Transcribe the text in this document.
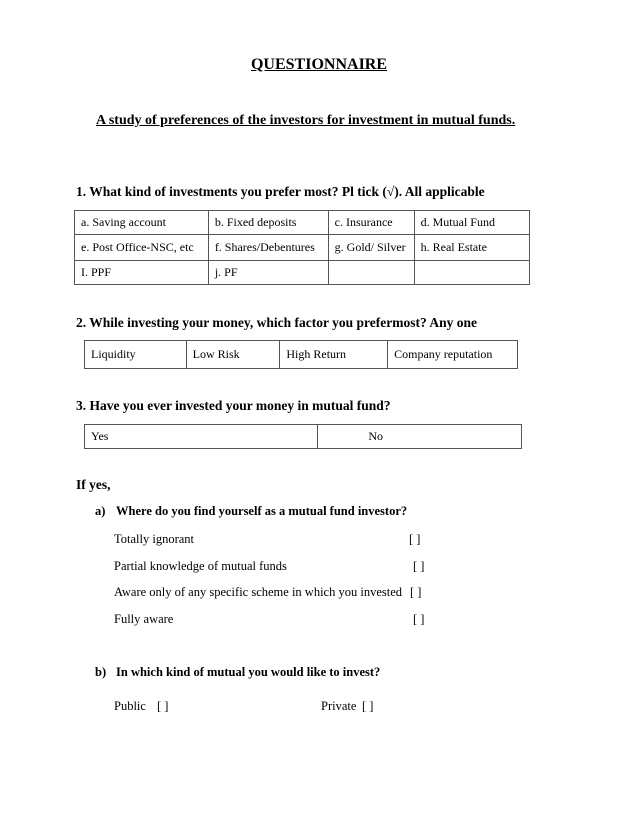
QUESTIONNAIRE
A study of preferences of the investors for investment in mutual funds.
1. What kind of investments you prefer most? Pl tick (√). All applicable
a. Saving account	b. Fixed deposits	c. Insurance	d. Mutual Fund
e. Post Office-NSC, etc	f. Shares/Debentures	g. Gold/ Silver	h. Real Estate
I. PPF	j. PF		
2. While investing your money, which factor you prefermost? Any one
Liquidity	Low Risk	High Return	Company reputation
3. Have you ever invested your money in mutual fund?
Yes	No
If yes,
a) Where do you find yourself as a mutual fund investor?
Totally ignorant	[ ]
Partial knowledge of mutual funds	[ ]
Aware only of any specific scheme in which you invested [ ]
Fully aware	[ ]
b) In which kind of mutual you would like to invest?
Public [ ]	Private [ ]
